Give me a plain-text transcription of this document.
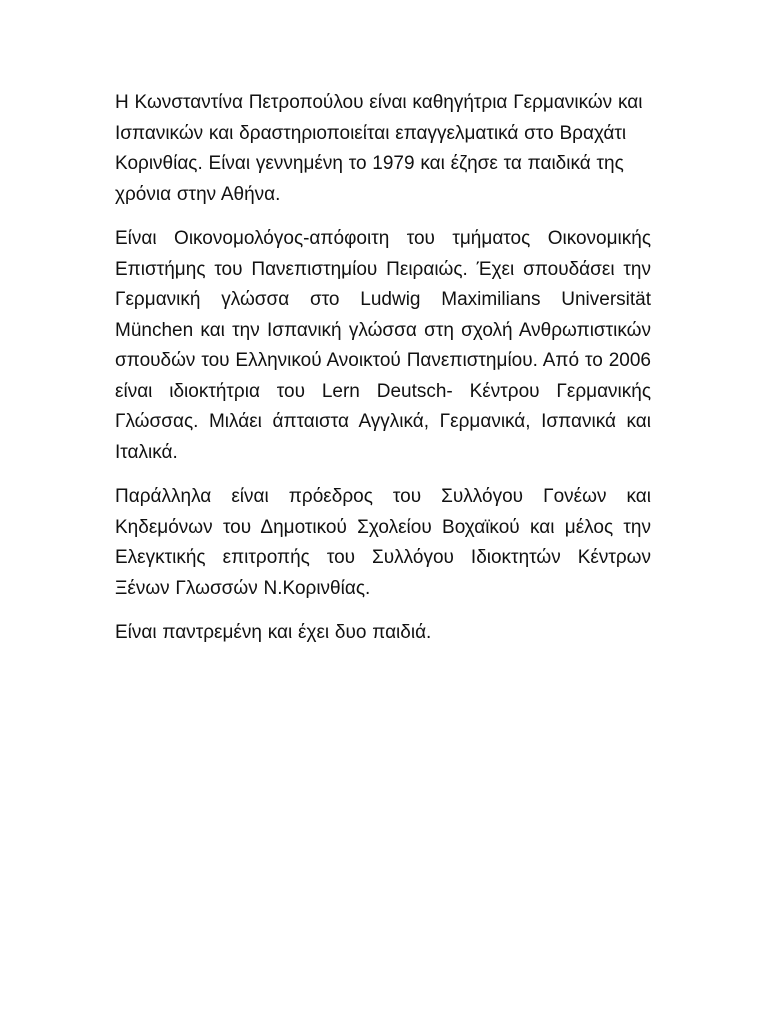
Η Κωνσταντίνα Πετροπούλου είναι καθηγήτρια Γερμανικών και Ισπανικών και δραστηριοποιείται επαγγελματικά στο Βραχάτι Κορινθίας. Είναι γεννημένη το 1979 και έζησε τα παιδικά της χρόνια στην Αθήνα.

Είναι Οικονομολόγος-απόφοιτη του τμήματος Οικονομικής Επιστήμης του Πανεπιστημίου Πειραιώς. Έχει σπουδάσει την Γερμανική γλώσσα στο Ludwig Maximilians Universität München και την Ισπανική γλώσσα στη σχολή Ανθρωπιστικών σπουδών του Ελληνικού Ανοικτού Πανεπιστημίου. Από το 2006 είναι ιδιοκτήτρια του Lern Deutsch- Κέντρου Γερμανικής Γλώσσας. Μιλάει άπταιστα Αγγλικά, Γερμανικά, Ισπανικά και Ιταλικά.

Παράλληλα είναι πρόεδρος του Συλλόγου Γονέων και Κηδεμόνων του Δημοτικού Σχολείου Βοχαϊκού και μέλος την Ελεγκτικής επιτροπής του Συλλόγου Ιδιοκτητών Κέντρων Ξένων Γλωσσών Ν.Κορινθίας.

Είναι παντρεμένη και έχει δυο παιδιά.
